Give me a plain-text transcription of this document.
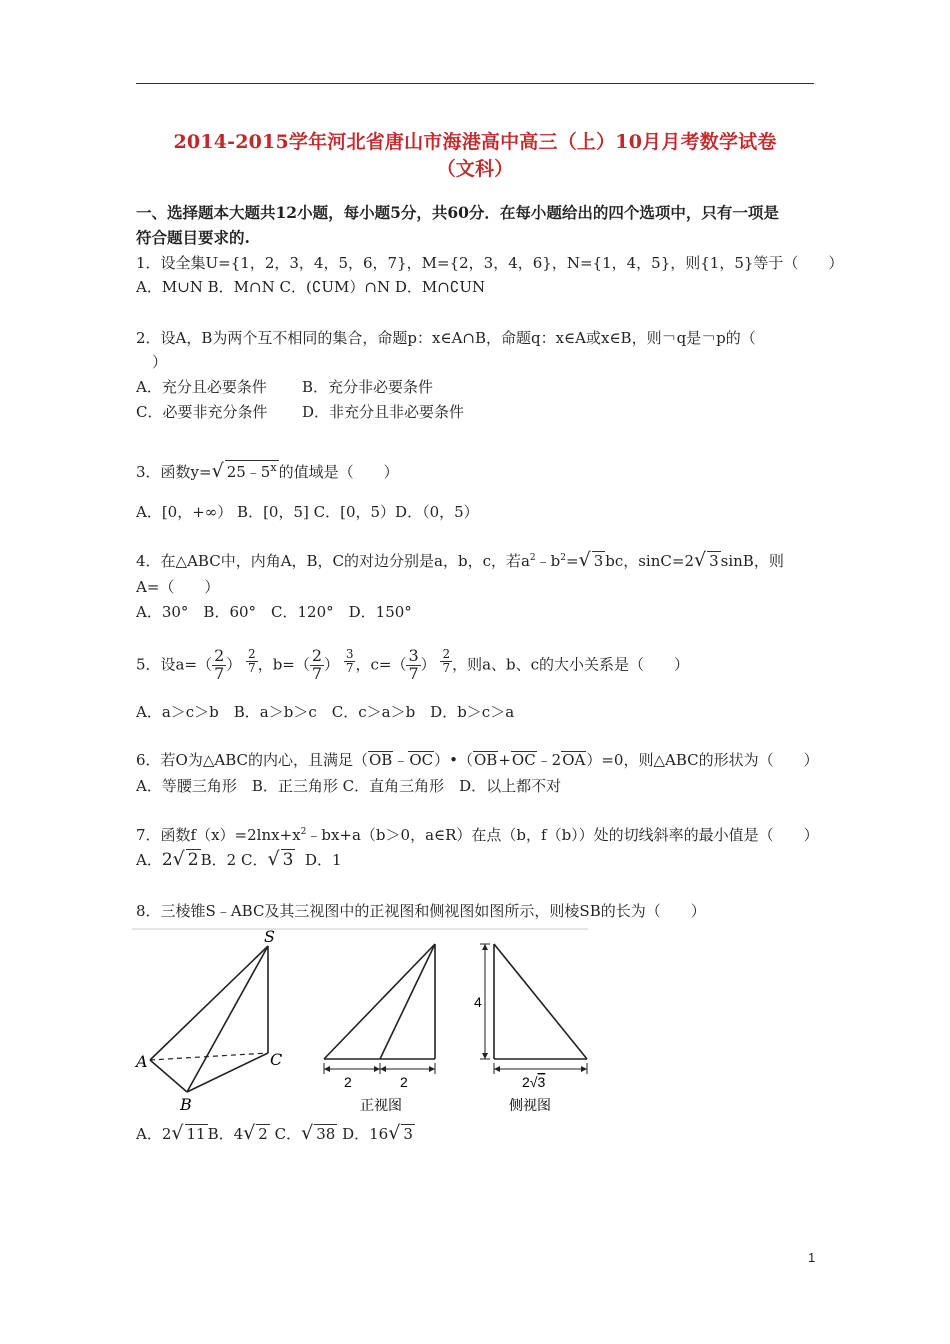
2014-2015学年河北省唐山市海港高中高三（上）10月月考数学试卷
（文科）
一、选择题本大题共12小题，每小题5分，共60分．在每小题给出的四个选项中，只有一项是
符合题目要求的.
1．设全集U={1，2，3，4，5，6，7}，M={2，3，4，6}，N={1，4，5}，则{1，5}等于（　　）
A．M∪N B．M∩N C．(∁UM）∩N D．M∩∁UN
2．设A，B为两个互不相同的集合，命题p：x∈A∩B，命题q：x∈A或x∈B，则￢q是￢p的（
）
A．充分且必要条件 B．充分非必要条件
C．必要非充分条件 D．非充分且非必要条件
3．函数y=√ 25﹣5$^x$ 的值域是（　　）
A．[0，+∞） B．[0，5] C．[0，5）D．（0，5）
4．在△ABC中，内角A，B，C的对边分别是a，b，c，若$a^2﹣b^2=√$ 3 bc，sinC=2√ 3 sinB，则
A=（　　）
A．30°　B．60°　C．120°　D．150°
5．设$a=( \frac{2}{7}$ ） $^{\frac{2}{7}}$ ，$b=( \frac{2}{7}$ ） $^{\frac{3}{7}}$ ，$c=( \frac{3}{7}$ ） $^{\frac{2}{7}}$ ，则a、b、c的大小关系是（　　）
A．a＞c＞b　B．a＞b＞c　C．c＞a＞b　D．b＞c＞a
6．若O为△ABC的内心，且满足（OB﹣OC）•（OB+OC﹣2OA）=0，则△ABC的形状为（　　）
A．等腰三角形　B．正三角形 C．直角三角形　D．以上都不对
7．函数$f(x)=2\ln x+x^2﹣bx+a(b>0$，a∈R）在点（b，f（b））处的切线斜率的最小值是（　　）
A．2√ 2 B．2 C．√ 3 D．1
8．三棱锥S﹣ABC及其三视图中的正视图和侧视图如图所示，则棱SB的长为（　　）
S
A
B
C
2	2
正视图
4
2√3
侧视图
A．2√ 11 B．4√ 2 C．√ 38 D．16√ 3
1
